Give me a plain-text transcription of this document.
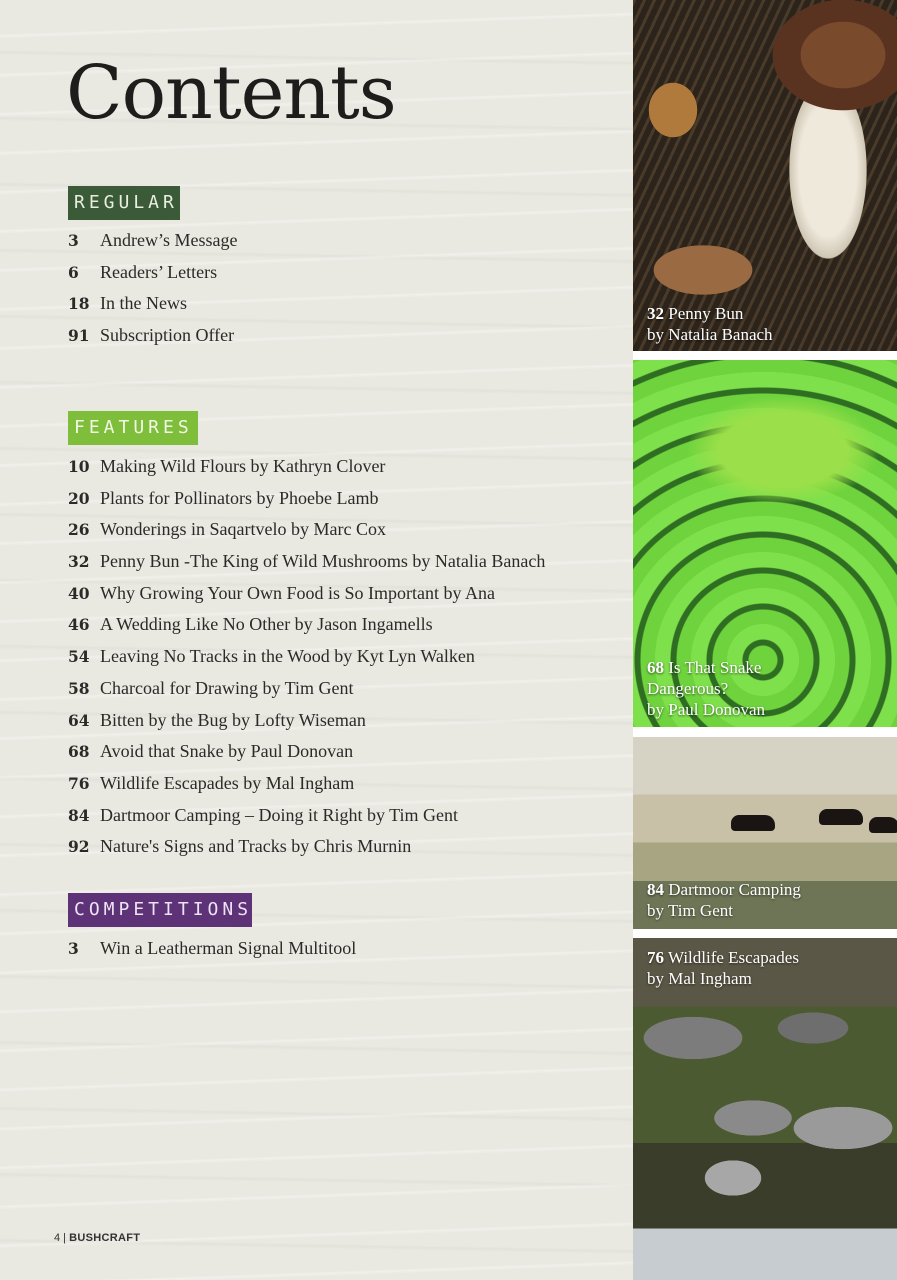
Contents
REGULAR
3 Andrew’s Message
6 Readers’ Letters
18 In the News
91 Subscription Offer
FEATURES
10 Making Wild Flours by Kathryn Clover
20 Plants for Pollinators by Phoebe Lamb
26 Wonderings in Saqartvelo by Marc Cox
32 Penny Bun -The King of Wild Mushrooms by Natalia Banach
40 Why Growing Your Own Food is So Important by Ana
46 A Wedding Like No Other by Jason Ingamells
54 Leaving No Tracks in the Wood by Kyt Lyn Walken
58 Charcoal for Drawing by Tim Gent
64 Bitten by the Bug by Lofty Wiseman
68 Avoid that Snake by Paul Donovan
76 Wildlife Escapades by Mal Ingham
84 Dartmoor Camping – Doing it Right by Tim Gent
92 Nature's Signs and Tracks by Chris Murnin
COMPETITIONS
3 Win a Leatherman Signal Multitool
4 | BUSHCRAFT
32 Penny Bun
by Natalia Banach
68 Is That Snake
Dangerous?
by Paul Donovan
84 Dartmoor Camping
by Tim Gent
76 Wildlife Escapades
by Mal Ingham
